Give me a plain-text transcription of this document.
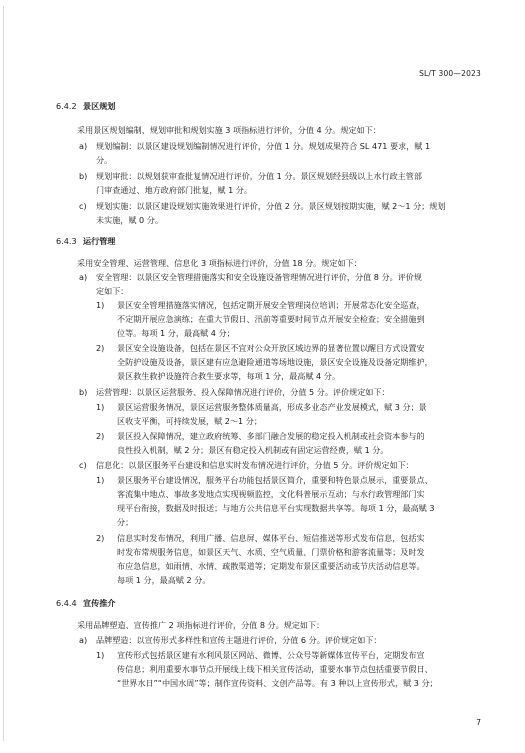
SL/T 300—2023
6.4.2 景区规划
采用景区规划编制、规划审批和规划实施 3 项指标进行评价，分值 4 分。规定如下：
a) 规划编制：以景区建设规划编制情况进行评价，分值 1 分。规划成果符合 SL 471 要求，赋 1
分。
b) 规划审批：以规划获审查批复情况进行评价，分值 1 分。景区规划经县级以上水行政主管部
门审查通过、地方政府部门批复，赋 1 分。
c) 规划实施：以景区建设规划实施效果进行评价，分值 2 分。景区规划按期实施，赋 2～1 分；规划
未实施，赋 0 分。
6.4.3 运行管理
采用安全管理、运营管理、信息化 3 项指标进行评价，分值 18 分。规定如下：
a) 安全管理：以景区安全管理措施落实和安全设施设备管理情况进行评价，分值 8 分。评价规
定如下：
1) 景区安全管理措施落实情况，包括定期开展安全管理岗位培训；开展常态化安全巡查，
不定期开展应急演练；在重大节假日、汛前等重要时间节点开展安全检查；安全措施到
位等。每项 1 分，最高赋 4 分；
2) 景区安全设施设备，包括在景区不宜对公众开放区域边界的显著位置以醒目方式设置安
全防护设施及设备，景区建有应急避险通道等场地设施，景区安全设施及设备定期维护，
景区救生救护设施符合救生要求等，每项 1 分，最高赋 4 分。
b) 运营管理：以景区运营服务、投入保障情况进行评价，分值 5 分。评价规定如下：
1) 景区运营服务情况，景区运营服务整体质量高，形成多业态产业发展模式，赋 3 分；景
区收支平衡，可持续发展，赋 2～1 分；
2) 景区投入保障情况，建立政府统筹、多部门融合发展的稳定投入机制或社会资本参与的
良性投入机制，赋 2 分；景区有稳定投入机制或有固定运营经费，赋 1 分。
c) 信息化：以景区服务平台建设和信息实时发布情况进行评价，分值 5 分。评价规定如下：
1) 景区服务平台建设情况，服务平台功能包括景区简介，重要和特色景点展示，重要景点、
客流集中地点、事故多发地点实现视频监控，文化科普展示互动；与水行政管理部门实
现平台衔接，数据及时报送；与地方公共信息平台实现数据共享等。每项 1 分，最高赋 3
分；
2) 信息实时发布情况，利用广播、信息屏、媒体平台、短信推送等形式发布信息，包括实
时发布常规服务信息，如景区天气、水质、空气质量、门票价格和游客流量等；及时发
布应急信息，如雨情、水情、疏散渠道等；定期发布景区重要活动或节庆活动信息等。
每项 1 分，最高赋 2 分。
6.4.4 宣传推介
采用品牌塑造、宣传推广 2 项指标进行评价，分值 8 分。规定如下：
a) 品牌塑造：以宣传形式多样性和宣传主题进行评价，分值 6 分。评价规定如下：
1) 宣传形式包括景区建有水利风景区网站、微博、公众号等新媒体宣传平台，定期发布宣
传信息；利用重要水事节点开展线上线下相关宣传活动，重要水事节点包括重要节假日、
“世界水日”“中国水周”等；制作宣传资料、文创产品等。有 3 种以上宣传形式，赋 3 分；
7
